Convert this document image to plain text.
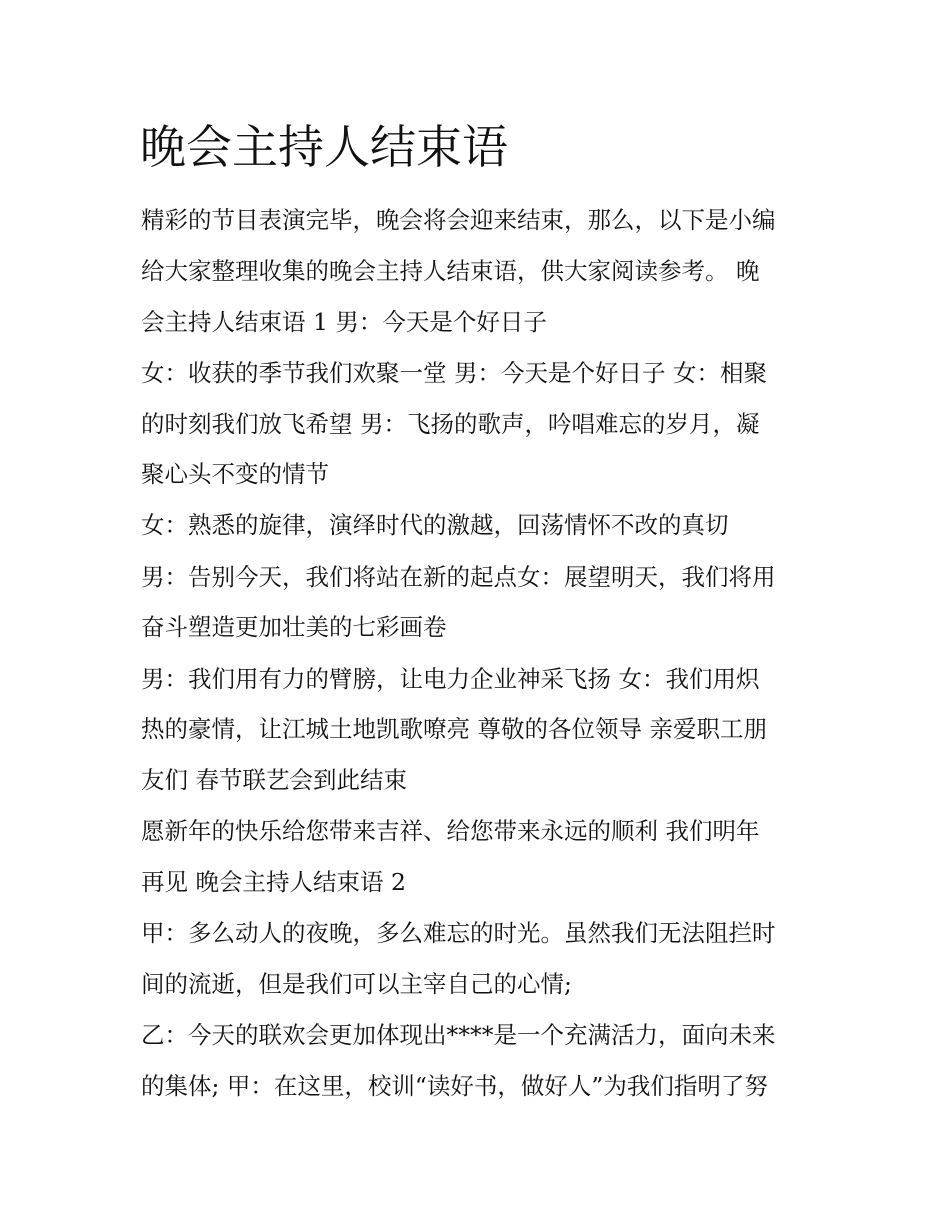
晚会主持人结束语

精彩的节目表演完毕，晚会将会迎来结束，那么，以下是小编

给大家整理收集的晚会主持人结束语，供大家阅读参考。 晚

会主持人结束语 1 男：今天是个好日子

女：收获的季节我们欢聚一堂 男：今天是个好日子 女：相聚

的时刻我们放飞希望 男：飞扬的歌声，吟唱难忘的岁月，凝

聚心头不变的情节

女：熟悉的旋律，演绎时代的激越，回荡情怀不改的真切

男：告别今天，我们将站在新的起点女：展望明天，我们将用

奋斗塑造更加壮美的七彩画卷

男：我们用有力的臂膀，让电力企业神采飞扬 女：我们用炽

热的豪情，让江城土地凯歌嘹亮 尊敬的各位领导 亲爱职工朋

友们 春节联艺会到此结束

愿新年的快乐给您带来吉祥、给您带来永远的顺利 我们明年

再见 晚会主持人结束语 2

甲：多么动人的夜晚，多么难忘的时光。虽然我们无法阻拦时

间的流逝，但是我们可以主宰自己的心情;

乙：今天的联欢会更加体现出****是一个充满活力，面向未来

的集体; 甲：在这里，校训“读好书，做好人”为我们指明了努
